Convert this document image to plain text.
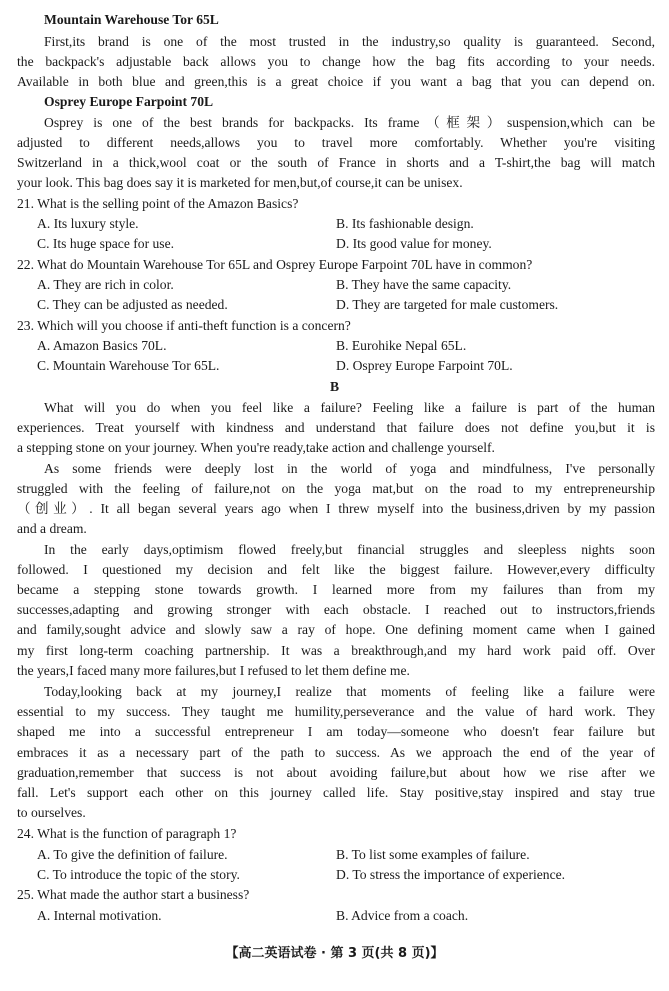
Mountain Warehouse Tor 65L
First,its brand is one of the most trusted in the industry,so quality is guaranteed. Second,
the backpack's adjustable back allows you to change how the bag fits according to your needs.
Available in both blue and green,this is a great choice if you want a bag that you can depend on.
Osprey Europe Farpoint 70L
Osprey is one of the best brands for backpacks. Its frame（框架）suspension,which can be
adjusted to different needs,allows you to travel more comfortably. Whether you're visiting
Switzerland in a thick,wool coat or the south of France in shorts and a T-shirt,the bag will match
your look. This bag does say it is marketed for men,but,of course,it can be unisex.
21. What is the selling point of the Amazon Basics?
A. Its luxury style.	B. Its fashionable design.
C. Its huge space for use.	D. Its good value for money.
22. What do Mountain Warehouse Tor 65L and Osprey Europe Farpoint 70L have in common?
A. They are rich in color.	B. They have the same capacity.
C. They can be adjusted as needed.	D. They are targeted for male customers.
23. Which will you choose if anti-theft function is a concern?
A. Amazon Basics 70L.	B. Eurohike Nepal 65L.
C. Mountain Warehouse Tor 65L.	D. Osprey Europe Farpoint 70L.
B
What will you do when you feel like a failure? Feeling like a failure is part of the human
experiences. Treat yourself with kindness and understand that failure does not define you,but it is
a stepping stone on your journey. When you're ready,take action and challenge yourself.
As some friends were deeply lost in the world of yoga and mindfulness, I've personally
struggled with the feeling of failure,not on the yoga mat,but on the road to my entrepreneurship
（创业）. It all began several years ago when I threw myself into the business,driven by my passion
and a dream.
In the early days,optimism flowed freely,but financial struggles and sleepless nights soon
followed. I questioned my decision and felt like the biggest failure. However,every difficulty
became a stepping stone towards growth. I learned more from my failures than from my
successes,adapting and growing stronger with each obstacle. I reached out to instructors,friends
and family,sought advice and slowly saw a ray of hope. One defining moment came when I gained
my first long-term coaching partnership. It was a breakthrough,and my hard work paid off. Over
the years,I faced many more failures,but I refused to let them define me.
Today,looking back at my journey,I realize that moments of feeling like a failure were
essential to my success. They taught me humility,perseverance and the value of hard work. They
shaped me into a successful entrepreneur I am today—someone who doesn't fear failure but
embraces it as a necessary part of the path to success. As we approach the end of the year of
graduation,remember that success is not about avoiding failure,but about how we rise after we
fall. Let's support each other on this journey called life. Stay positive,stay inspired and stay true
to ourselves.
24. What is the function of paragraph 1?
A. To give the definition of failure.	B. To list some examples of failure.
C. To introduce the topic of the story.	D. To stress the importance of experience.
25. What made the author start a business?
A. Internal motivation.	B. Advice from a coach.
【高二英语试卷 · 第 3 页(共 8 页)】
